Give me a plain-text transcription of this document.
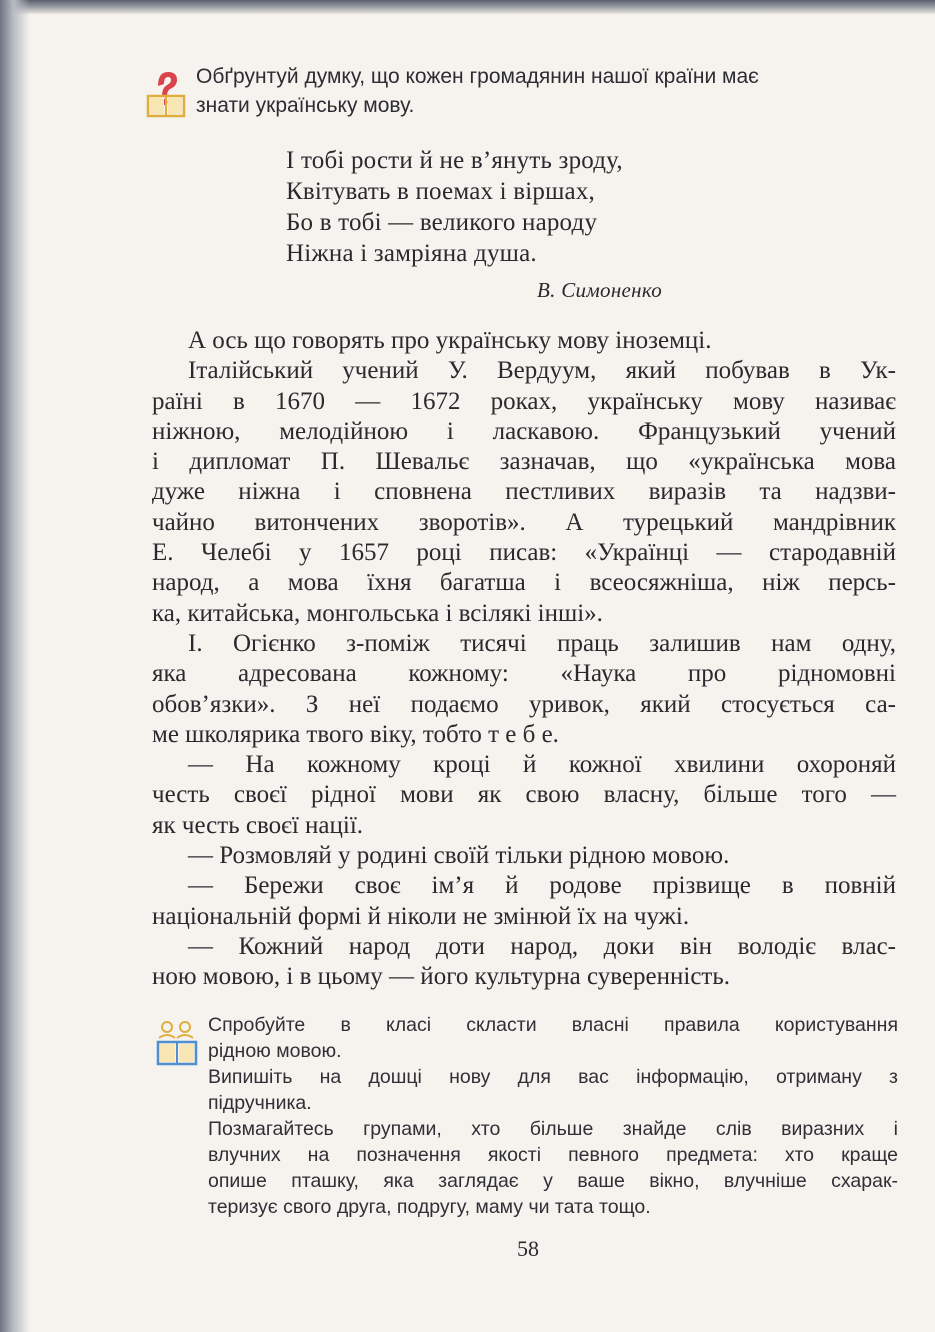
Обґрунтуй думку, що кожен громадянин нашої країни має

знати українську мову.

І тобі рости й не в’януть зроду,

Квітувать в поемах і віршах,

Бо в тобі — великого народу

Ніжна і замріяна душа.

В. Симоненко

А ось що говорять про українську мову іноземці.

Італійський учений У. Вердуум, який побував в Ук-

раїні в 1670 — 1672 роках, українську мову називає

ніжною, мелодійною і ласкавою. Французький учений

і дипломат П. Шевальє зазначав, що «українська мова

дуже ніжна і сповнена пестливих виразів та надзви-

чайно витончених зворотів». А турецький мандрівник

Е. Челебі у 1657 році писав: «Українці — стародавній

народ, а мова їхня багатша і всеосяжніша, ніж персь-

ка, китайська, монгольська і всілякі інші».

І. Огієнко з-поміж тисячі праць залишив нам одну,

яка адресована кожному: «Наука про рідномовні

обов’язки». З неї подаємо уривок, який стосується са-

ме школярика твого віку, тобто т е б е.

— На кожному кроці й кожної хвилини охороняй

честь своєї рідної мови як свою власну, більше того —

як честь своєї нації.

— Розмовляй у родині своїй тільки рідною мовою.

— Бережи своє ім’я й родове прізвище в повній

національній формі й ніколи не змінюй їх на чужі.

— Кожний народ доти народ, доки він володіє влас-

ною мовою, і в цьому — його культурна суверенність.

Спробуйте в класі скласти власні правила користування

рідною мовою.

Випишіть на дошці нову для вас інформацію, отриману з

підручника.

Позмагайтесь групами, хто більше знайде слів виразних і

влучних на позначення якості певного предмета: хто краще

опише пташку, яка заглядає у ваше вікно, влучніше схарак-

теризує свого друга, подругу, маму чи тата тощо.

58
